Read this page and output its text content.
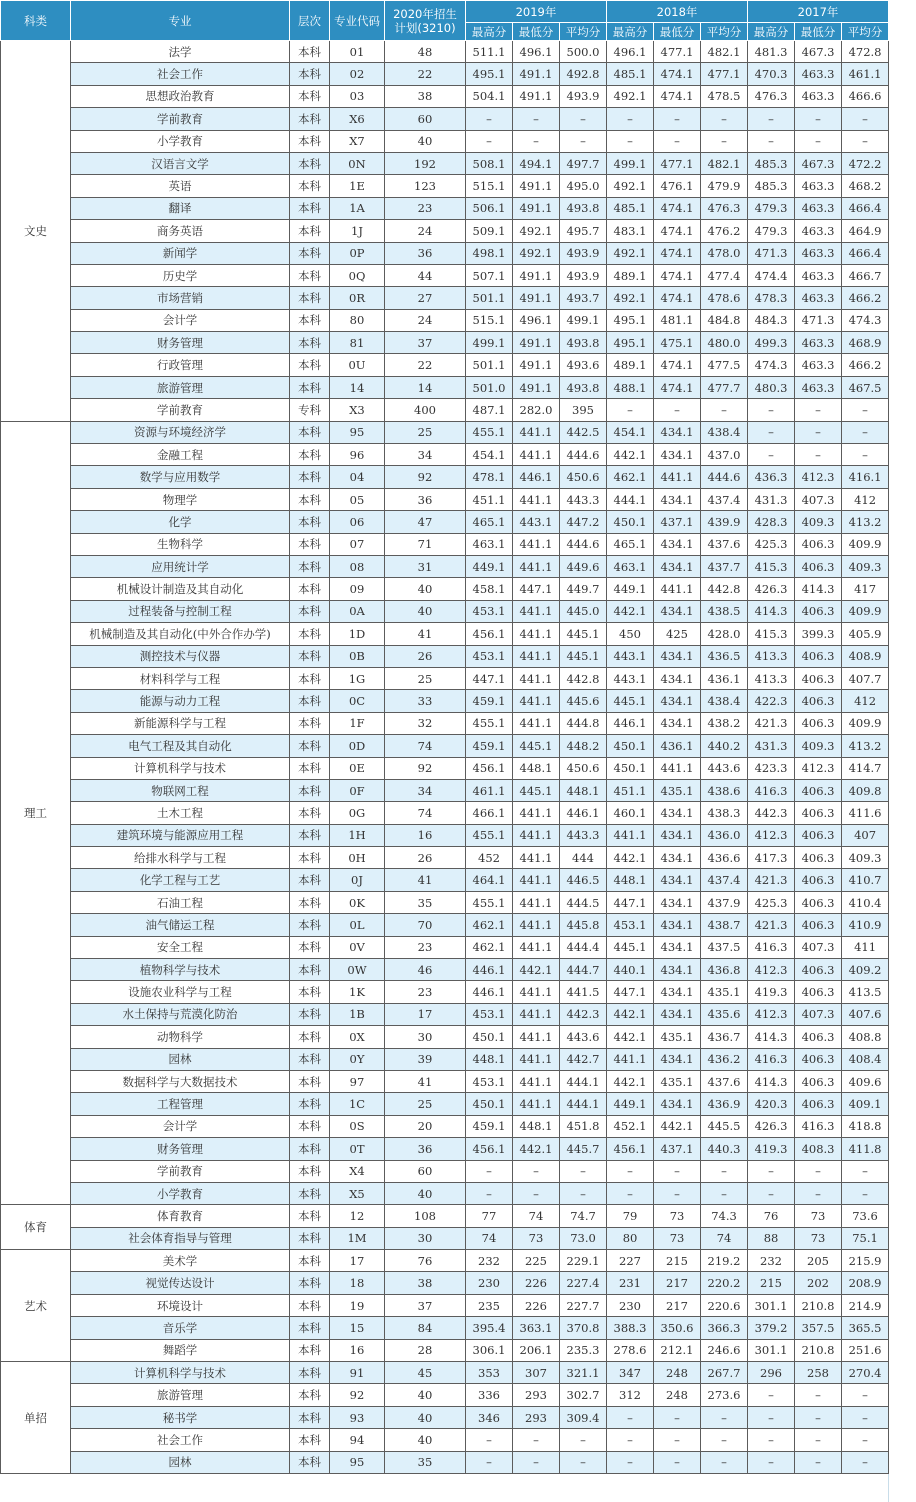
科类	专业	层次	专业代码	2020年招生
计划(3210)	2019年			2018年			2017年		
					最高分	最低分	平均分	最高分	最低分	平均分	最高分	最低分	平均分
文史	法学	本科	01	48	511.1	496.1	500.0	496.1	477.1	482.1	481.3	467.3	472.8
	社会工作	本科	02	22	495.1	491.1	492.8	485.1	474.1	477.1	470.3	463.3	461.1
	思想政治教育	本科	03	38	504.1	491.1	493.9	492.1	474.1	478.5	476.3	463.3	466.6
	学前教育	本科	X6	60	–	–	–	–	–	–	–	–	–
	小学教育	本科	X7	40	–	–	–	–	–	–	–	–	–
	汉语言文学	本科	0N	192	508.1	494.1	497.7	499.1	477.1	482.1	485.3	467.3	472.2
	英语	本科	1E	123	515.1	491.1	495.0	492.1	476.1	479.9	485.3	463.3	468.2
	翻译	本科	1A	23	506.1	491.1	493.8	485.1	474.1	476.3	479.3	463.3	466.4
	商务英语	本科	1J	24	509.1	492.1	495.7	483.1	474.1	476.2	479.3	463.3	464.9
	新闻学	本科	0P	36	498.1	492.1	493.9	492.1	474.1	478.0	471.3	463.3	466.4
	历史学	本科	0Q	44	507.1	491.1	493.9	489.1	474.1	477.4	474.4	463.3	466.7
	市场营销	本科	0R	27	501.1	491.1	493.7	492.1	474.1	478.6	478.3	463.3	466.2
	会计学	本科	80	24	515.1	496.1	499.1	495.1	481.1	484.8	484.3	471.3	474.3
	财务管理	本科	81	37	499.1	491.1	493.8	495.1	475.1	480.0	499.3	463.3	468.9
	行政管理	本科	0U	22	501.1	491.1	493.6	489.1	474.1	477.5	474.3	463.3	466.2
	旅游管理	本科	14	14	501.0	491.1	493.8	488.1	474.1	477.7	480.3	463.3	467.5
	学前教育	专科	X3	400	487.1	282.0	395	–	–	–	–	–	–
理工	资源与环境经济学	本科	95	25	455.1	441.1	442.5	454.1	434.1	438.4	–	–	–
	金融工程	本科	96	34	454.1	441.1	444.6	442.1	434.1	437.0	–	–	–
	数学与应用数学	本科	04	92	478.1	446.1	450.6	462.1	441.1	444.6	436.3	412.3	416.1
	物理学	本科	05	36	451.1	441.1	443.3	444.1	434.1	437.4	431.3	407.3	412
	化学	本科	06	47	465.1	443.1	447.2	450.1	437.1	439.9	428.3	409.3	413.2
	生物科学	本科	07	71	463.1	441.1	444.6	465.1	434.1	437.6	425.3	406.3	409.9
	应用统计学	本科	08	31	449.1	441.1	449.6	463.1	434.1	437.7	415.3	406.3	409.3
	机械设计制造及其自动化	本科	09	40	458.1	447.1	449.7	449.1	441.1	442.8	426.3	414.3	417
	过程装备与控制工程	本科	0A	40	453.1	441.1	445.0	442.1	434.1	438.5	414.3	406.3	409.9
	机械制造及其自动化(中外合作办学)	本科	1D	41	456.1	441.1	445.1	450	425	428.0	415.3	399.3	405.9
	测控技术与仪器	本科	0B	26	453.1	441.1	445.1	443.1	434.1	436.5	413.3	406.3	408.9
	材料科学与工程	本科	1G	25	447.1	441.1	442.8	443.1	434.1	436.1	413.3	406.3	407.7
	能源与动力工程	本科	0C	33	459.1	441.1	445.6	445.1	434.1	438.4	422.3	406.3	412
	新能源科学与工程	本科	1F	32	455.1	441.1	444.8	446.1	434.1	438.2	421.3	406.3	409.9
	电气工程及其自动化	本科	0D	74	459.1	445.1	448.2	450.1	436.1	440.2	431.3	409.3	413.2
	计算机科学与技术	本科	0E	92	456.1	448.1	450.6	450.1	441.1	443.6	423.3	412.3	414.7
	物联网工程	本科	0F	34	461.1	445.1	448.1	451.1	435.1	438.6	416.3	406.3	409.8
	土木工程	本科	0G	74	466.1	441.1	446.1	460.1	434.1	438.3	442.3	406.3	411.6
	建筑环境与能源应用工程	本科	1H	16	455.1	441.1	443.3	441.1	434.1	436.0	412.3	406.3	407
	给排水科学与工程	本科	0H	26	452	441.1	444	442.1	434.1	436.6	417.3	406.3	409.3
	化学工程与工艺	本科	0J	41	464.1	441.1	446.5	448.1	434.1	437.4	421.3	406.3	410.7
	石油工程	本科	0K	35	455.1	441.1	444.5	447.1	434.1	437.9	425.3	406.3	410.4
	油气储运工程	本科	0L	70	462.1	441.1	445.8	453.1	434.1	438.7	421.3	406.3	410.9
	安全工程	本科	0V	23	462.1	441.1	444.4	445.1	434.1	437.5	416.3	407.3	411
	植物科学与技术	本科	0W	46	446.1	442.1	444.7	440.1	434.1	436.8	412.3	406.3	409.2
	设施农业科学与工程	本科	1K	23	446.1	441.1	441.5	447.1	434.1	435.1	419.3	406.3	413.5
	水土保持与荒漠化防治	本科	1B	17	453.1	441.1	442.3	442.1	434.1	435.6	412.3	407.3	407.6
	动物科学	本科	0X	30	450.1	441.1	443.6	442.1	435.1	436.7	414.3	406.3	408.8
	园林	本科	0Y	39	448.1	441.1	442.7	441.1	434.1	436.2	416.3	406.3	408.4
	数据科学与大数据技术	本科	97	41	453.1	441.1	444.1	442.1	435.1	437.6	414.3	406.3	409.6
	工程管理	本科	1C	25	450.1	441.1	444.1	449.1	434.1	436.9	420.3	406.3	409.1
	会计学	本科	0S	20	459.1	448.1	451.8	452.1	442.1	445.5	426.3	416.3	418.8
	财务管理	本科	0T	36	456.1	442.1	445.7	456.1	437.1	440.3	419.3	408.3	411.8
	学前教育	本科	X4	60	–	–	–	–	–	–	–	–	–
	小学教育	本科	X5	40	–	–	–	–	–	–	–	–	–
体育	体育教育	本科	12	108	77	74	74.7	79	73	74.3	76	73	73.6
	社会体育指导与管理	本科	1M	30	74	73	73.0	80	73	74	88	73	75.1
艺术	美术学	本科	17	76	232	225	229.1	227	215	219.2	232	205	215.9
	视觉传达设计	本科	18	38	230	226	227.4	231	217	220.2	215	202	208.9
	环境设计	本科	19	37	235	226	227.7	230	217	220.6	301.1	210.8	214.9
	音乐学	本科	15	84	395.4	363.1	370.8	388.3	350.6	366.3	379.2	357.5	365.5
	舞蹈学	本科	16	28	306.1	206.1	235.3	278.6	212.1	246.6	301.1	210.8	251.6
单招	计算机科学与技术	本科	91	45	353	307	321.1	347	248	267.7	296	258	270.4
	旅游管理	本科	92	40	336	293	302.7	312	248	273.6	–	–	–
	秘书学	本科	93	40	346	293	309.4	–	–	–	–	–	–
	社会工作	本科	94	40	–	–	–	–	–	–	–	–	–
	园林	本科	95	35	–	–	–	–	–	–	–	–	–
